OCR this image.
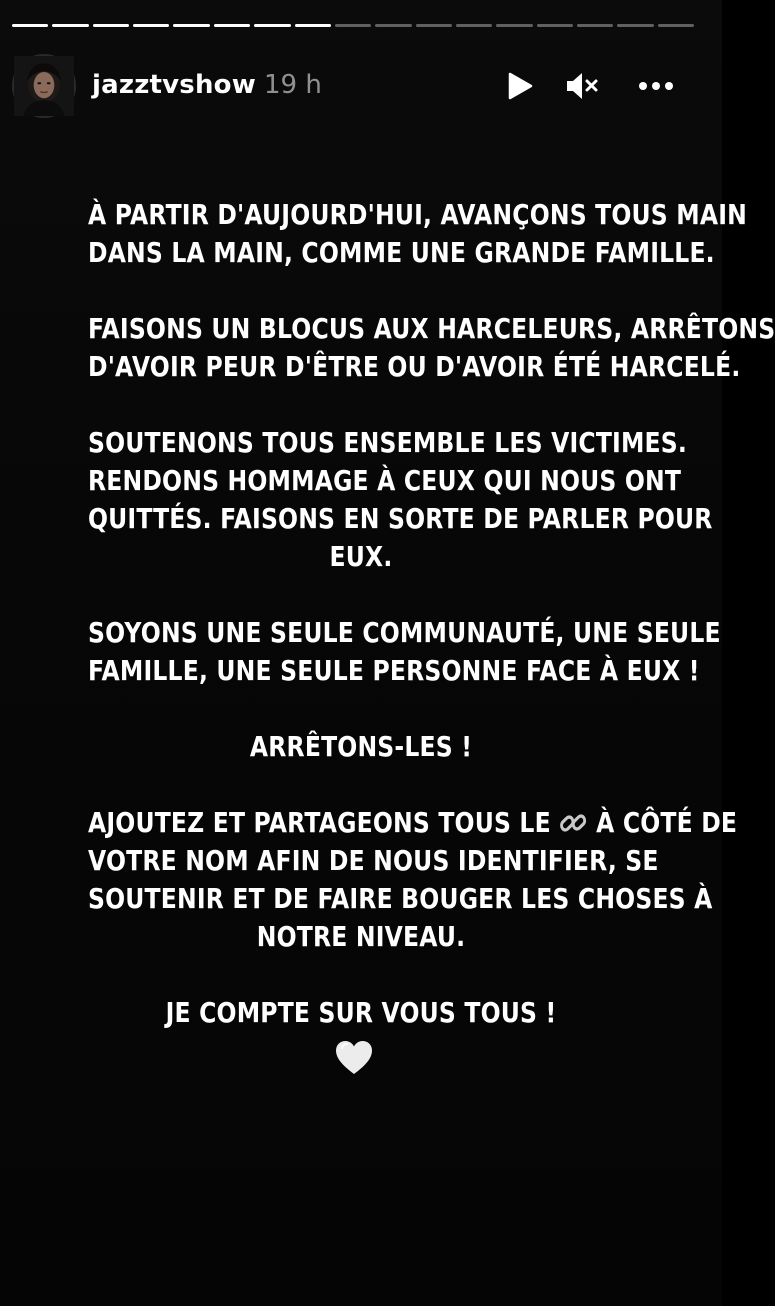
jazztvshow 19 h

À PARTIR D'AUJOURD'HUI, AVANÇONS TOUS MAIN
DANS LA MAIN, COMME UNE GRANDE FAMILLE.

FAISONS UN BLOCUS AUX HARCELEURS, ARRÊTONS
D'AVOIR PEUR D'ÊTRE OU D'AVOIR ÉTÉ HARCELÉ.

SOUTENONS TOUS ENSEMBLE LES VICTIMES.
RENDONS HOMMAGE À CEUX QUI NOUS ONT
QUITTÉS. FAISONS EN SORTE DE PARLER POUR
EUX.

SOYONS UNE SEULE COMMUNAUTÉ, UNE SEULE
FAMILLE, UNE SEULE PERSONNE FACE À EUX !

ARRÊTONS-LES !

AJOUTEZ ET PARTAGEONS TOUS LE À CÔTÉ DE
VOTRE NOM AFIN DE NOUS IDENTIFIER, SE
SOUTENIR ET DE FAIRE BOUGER LES CHOSES À
NOTRE NIVEAU.

JE COMPTE SUR VOUS TOUS !
